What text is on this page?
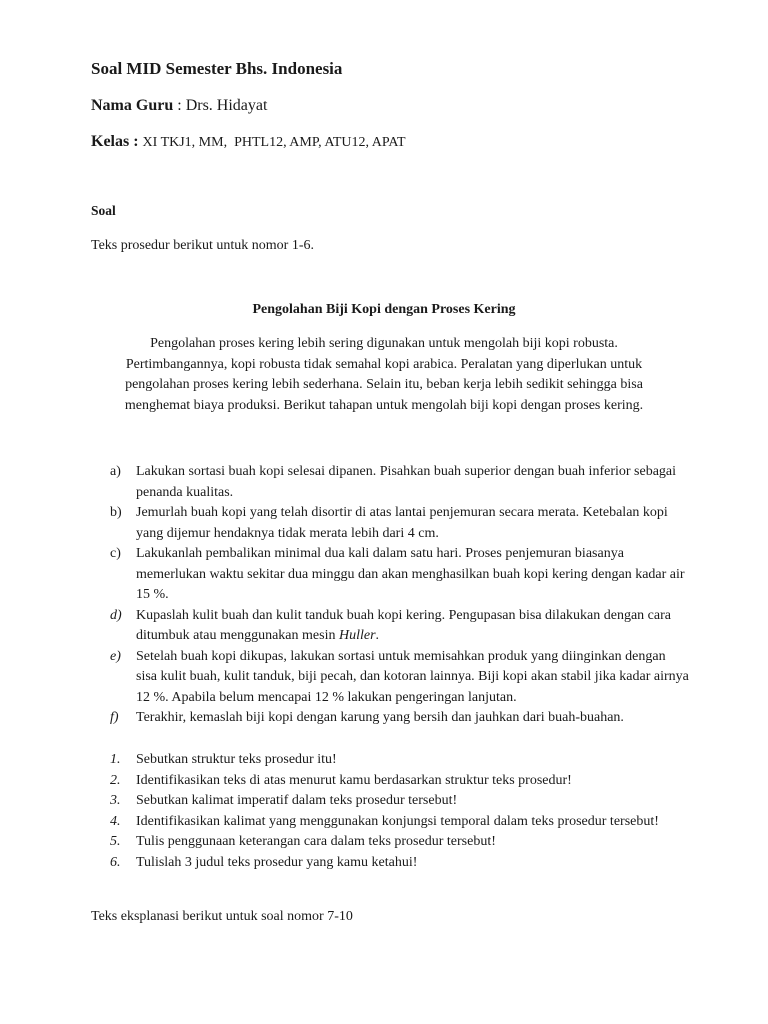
Soal MID Semester Bhs. Indonesia
Nama Guru : Drs. Hidayat
Kelas : XI TKJ1, MM,  PHTL12, AMP, ATU12, APAT
Soal
Teks prosedur berikut untuk nomor 1-6.
Pengolahan Biji Kopi dengan Proses Kering

Pengolahan proses kering lebih sering digunakan untuk mengolah biji kopi robusta.

Pertimbangannya, kopi robusta tidak semahal kopi arabica. Peralatan yang diperlukan untuk

pengolahan proses kering lebih sederhana. Selain itu, beban kerja lebih sedikit sehingga bisa

menghemat biaya produksi. Berikut tahapan untuk mengolah biji kopi dengan proses kering.

a) Lakukan sortasi buah kopi selesai dipanen. Pisahkan buah superior dengan buah inferior sebagai penanda kualitas.
b) Jemurlah buah kopi yang telah disortir di atas lantai penjemuran secara merata. Ketebalan kopi yang dijemur hendaknya tidak merata lebih dari 4 cm.
c) Lakukanlah pembalikan minimal dua kali dalam satu hari. Proses penjemuran biasanya memerlukan waktu sekitar dua minggu dan akan menghasilkan buah kopi kering dengan kadar air 15 %.
d) Kupaslah kulit buah dan kulit tanduk buah kopi kering. Pengupasan bisa dilakukan dengan cara ditumbuk atau menggunakan mesin Huller.
e) Setelah buah kopi dikupas, lakukan sortasi untuk memisahkan produk yang diinginkan dengan sisa kulit buah, kulit tanduk, biji pecah, dan kotoran lainnya. Biji kopi akan stabil jika kadar airnya 12 %. Apabila belum mencapai 12 % lakukan pengeringan lanjutan.
f) Terakhir, kemaslah biji kopi dengan karung yang bersih dan jauhkan dari buah-buahan.
1. Sebutkan struktur teks prosedur itu!
2. Identifikasikan teks di atas menurut kamu berdasarkan struktur teks prosedur!
3. Sebutkan kalimat imperatif dalam teks prosedur tersebut!
4. Identifikasikan kalimat yang menggunakan konjungsi temporal dalam teks prosedur tersebut!
5. Tulis penggunaan keterangan cara dalam teks prosedur tersebut!
6. Tulislah 3 judul teks prosedur yang kamu ketahui!
Teks eksplanasi berikut untuk soal nomor 7-10
